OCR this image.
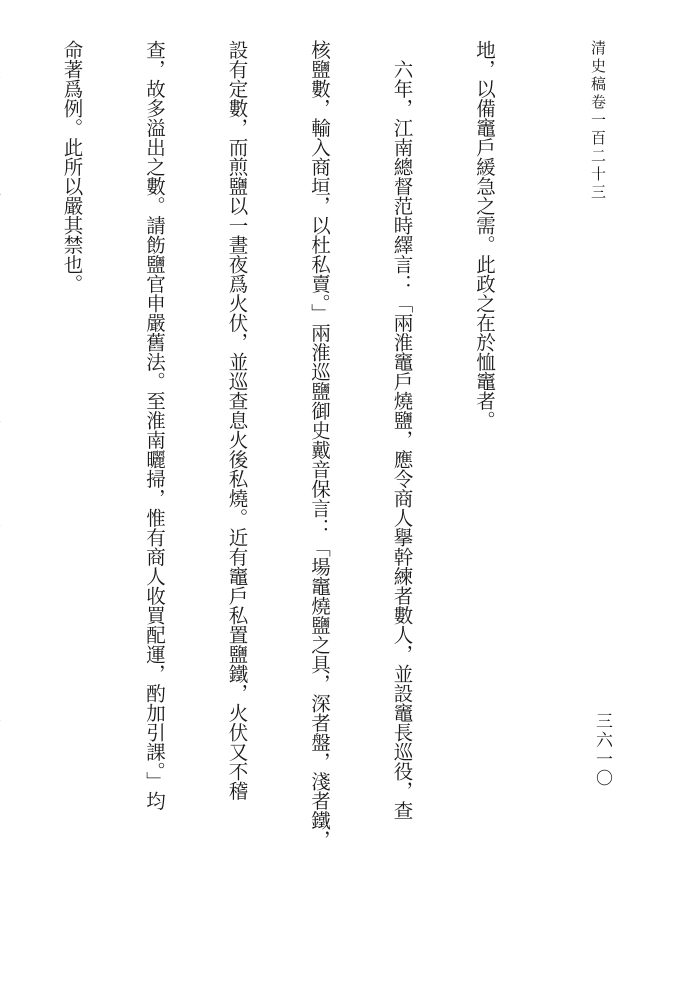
清史稿卷一百二十三

地，以備竈戶緩急之需。此政之在於恤竈者。

　六年，江南總督范時繹言：「兩淮竈戶燒鹽，應令商人擧幹練者數人，並設竈長巡役，查

核鹽數，輸入商垣，以杜私賣。」兩淮巡鹽御史戴音保言：「場竈燒鹽之具，深者盤，淺者鐵，

設有定數，而煎鹽以一晝夜爲火伏，並巡查息火後私燒。近有竈戶私置鹽鐵，火伏又不稽

查，故多溢出之數。請飭鹽官申嚴舊法。至淮南曬掃，惟有商人收買配運，酌加引課。」均

命著爲例。此所以嚴其禁也。

三六一〇
